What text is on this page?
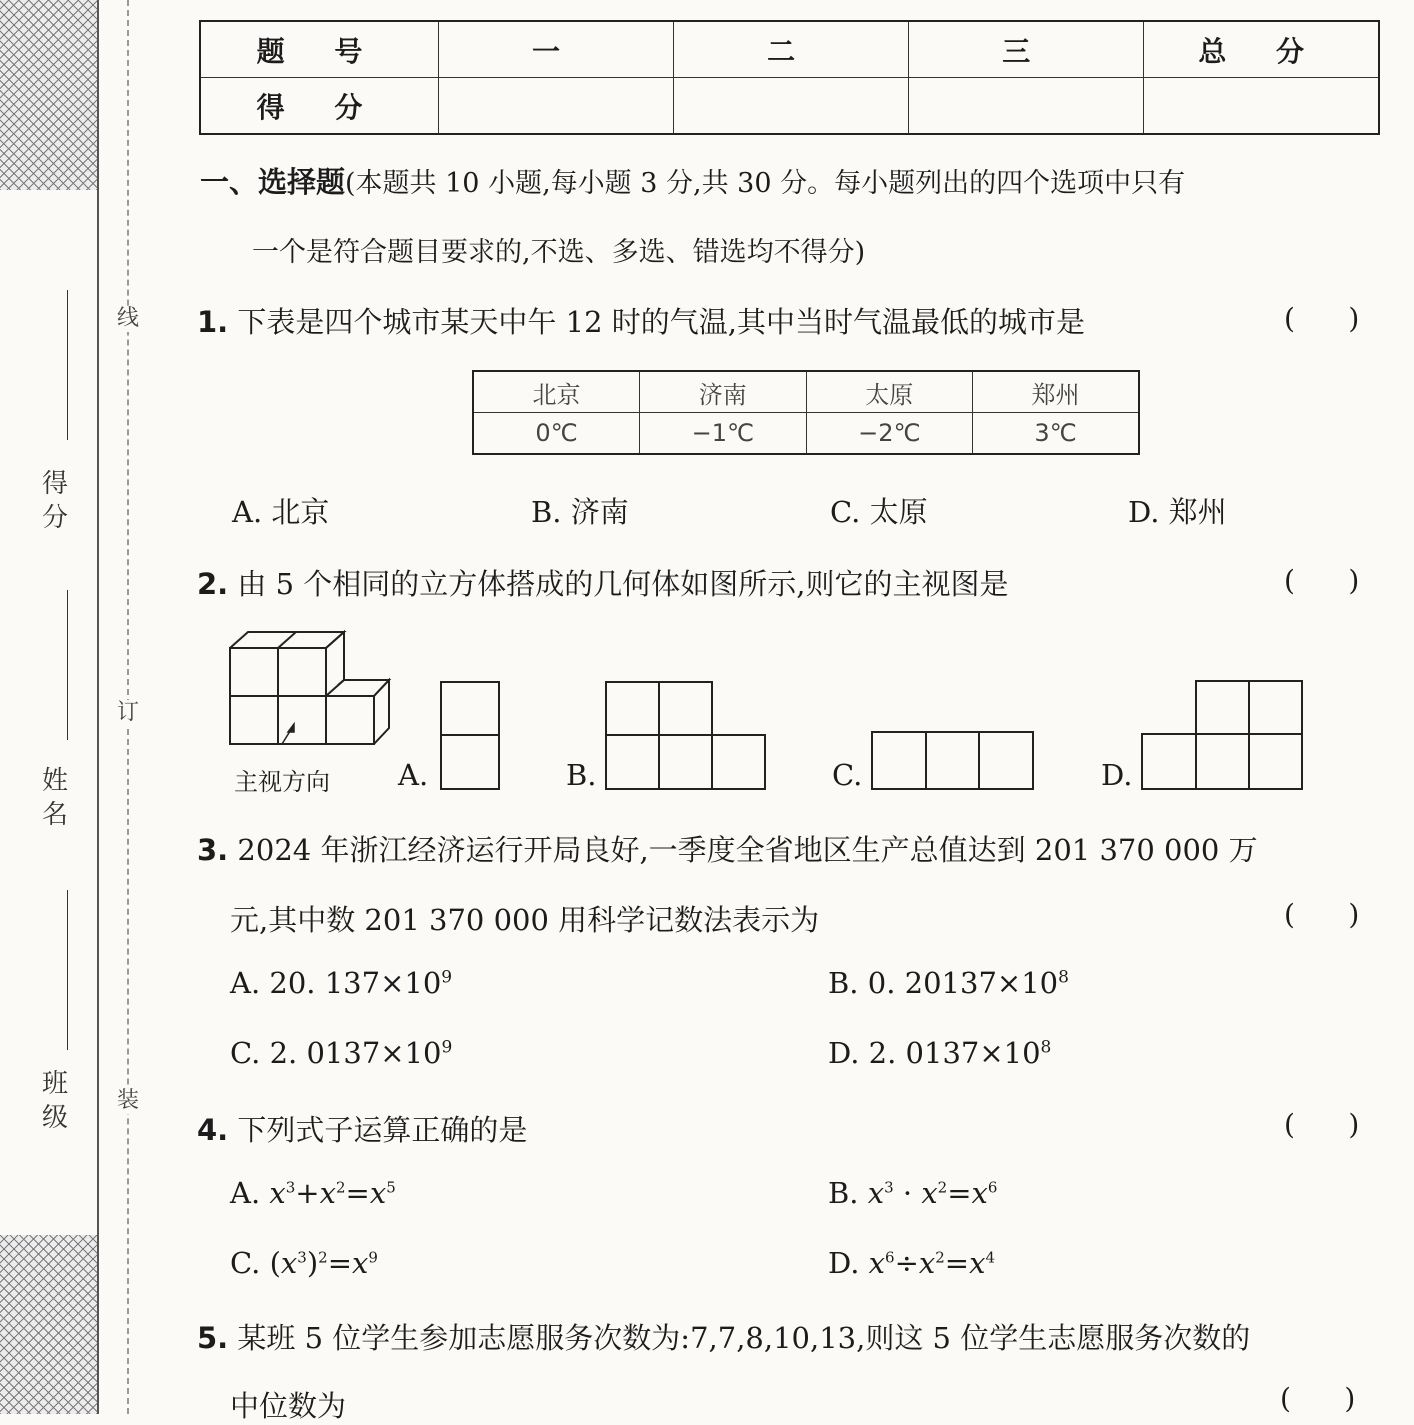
得分
姓名
班级
线
订
装
题 号	一	二	三	总 分
得 分				
一、选择题(本题共 10 小题,每小题 3 分,共 30 分。每小题列出的四个选项中只有
一个是符合题目要求的,不选、多选、错选均不得分)
1. 下表是四个城市某天中午 12 时的气温,其中当时气温最低的城市是	(      )
北京	济南	太原	郑州
0℃	−1℃	−2℃	3℃
A. 北京	B. 济南	C. 太原	D. 郑州
2. 由 5 个相同的立方体搭成的几何体如图所示,则它的主视图是	(      )
主视方向 A.	B.	C.	D.
3. 2024 年浙江经济运行开局良好,一季度全省地区生产总值达到 201 370 000 万
元,其中数 201 370 000 用科学记数法表示为	(      )
A. 20. $137\times 10^9$	B. 0. $20137\times 10^8$
C. 2. $0137\times 10^9$	D. 2. $0137\times 10^8$
4. 下列式子运算正确的是	(      )
A. $x^3+x^2=x^5$	B. $x^3 \cdot x^2=x^6$
C. $(x^3)^2=x^9$	D. $x^6\div x^2=x^4$
5. 某班 5 位学生参加志愿服务次数为:7,7,8,10,13,则这 5 位学生志愿服务次数的
中位数为	(      )
